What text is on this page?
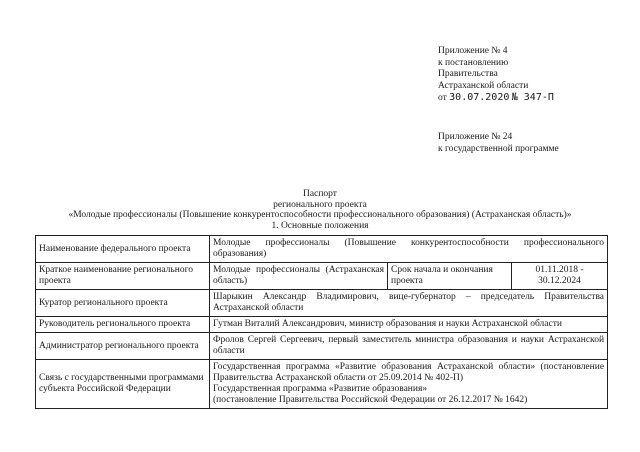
Приложение № 4
к постановлению
Правительства
Астраханской области
от 30.07.2020 № 347-П
Приложение № 24
к государственной программе
Паспорт
регионального проекта
«Молодые профессионалы (Повышение конкурентоспособности профессионального образования) (Астраханская область)»
1. Основные положения
Наименование федерального проекта	Молодые профессионалы (Повышение конкурентоспособности профессионального образования)		
Краткое наименование регионального проекта	Молодые профессионалы (Астраханская область)	Срок начала и окончания проекта	01.11.2018 - 30.12.2024
Куратор регионального проекта	Шарыкин Александр Владимирович, вице-губернатор – председатель Правительства Астраханской области		
Руководитель регионального проекта	Гутман Виталий Александрович, министр образования и науки Астраханской области		
Администратор регионального проекта	Фролов Сергей Сергеевич, первый заместитель министра образования и науки Астраханской области		
Связь с государственными программами субъекта Российской Федерации	Государственная программа «Развитие образования Астраханской области» (постановление Правительства Астраханской области от 25.09.2014 № 402-П)
Государственная программа «Развитие образования»
(постановление Правительства Российской Федерации от 26.12.2017 № 1642)		
